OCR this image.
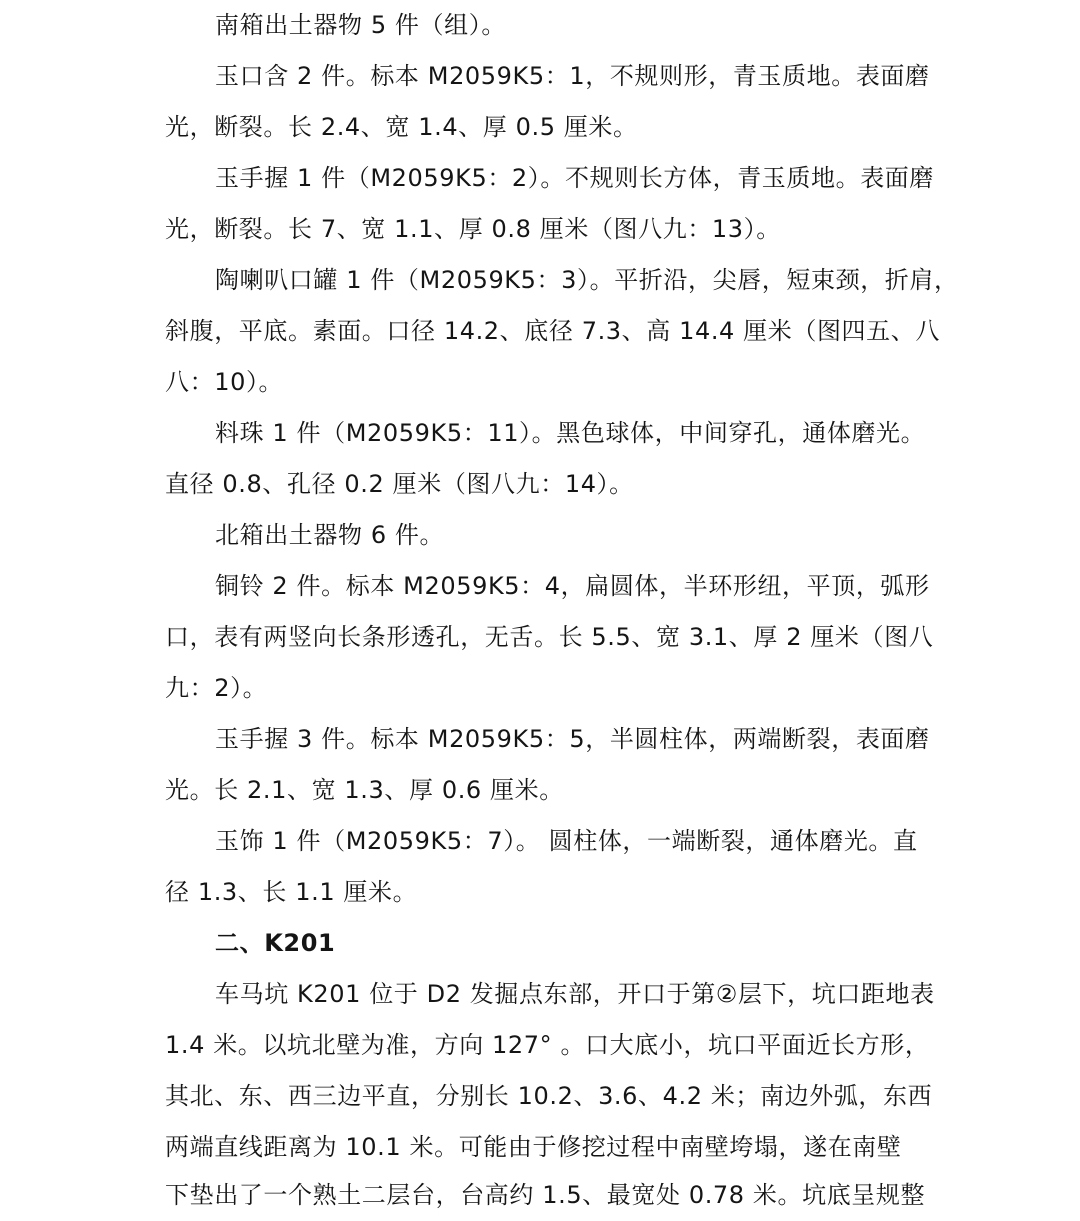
南箱出土器物 5 件（组）。
玉口含 2 件。标本 M2059K5：1，不规则形，青玉质地。表面磨
光，断裂。长 2.4、宽 1.4、厚 0.5 厘米。
玉手握 1 件（M2059K5：2）。不规则长方体，青玉质地。表面磨
光，断裂。长 7、宽 1.1、厚 0.8 厘米（图八九：13）。
陶喇叭口罐 1 件（M2059K5：3）。平折沿，尖唇，短束颈，折肩，
斜腹，平底。素面。口径 14.2、底径 7.3、高 14.4 厘米（图四五、八
八：10）。
料珠 1 件（M2059K5：11）。黑色球体，中间穿孔，通体磨光。
直径 0.8、孔径 0.2 厘米（图八九：14）。
北箱出土器物 6 件。
铜铃 2 件。标本 M2059K5：4，扁圆体，半环形纽，平顶，弧形
口，表有两竖向长条形透孔，无舌。长 5.5、宽 3.1、厚 2 厘米（图八
九：2）。
玉手握 3 件。标本 M2059K5：5，半圆柱体，两端断裂，表面磨
光。长 2.1、宽 1.3、厚 0.6 厘米。
玉饰 1 件（M2059K5：7）。 圆柱体，一端断裂，通体磨光。直
径 1.3、长 1.1 厘米。
二、K201
车马坑 K201 位于 D2 发掘点东部，开口于第②层下，坑口距地表
1.4 米。以坑北壁为准，方向 127° 。口大底小，坑口平面近长方形，
其北、东、西三边平直，分别长 10.2、3.6、4.2 米；南边外弧，东西
两端直线距离为 10.1 米。可能由于修挖过程中南壁垮塌，遂在南壁
下垫出了一个熟土二层台，台高约 1.5、最宽处 0.78 米。坑底呈规整
